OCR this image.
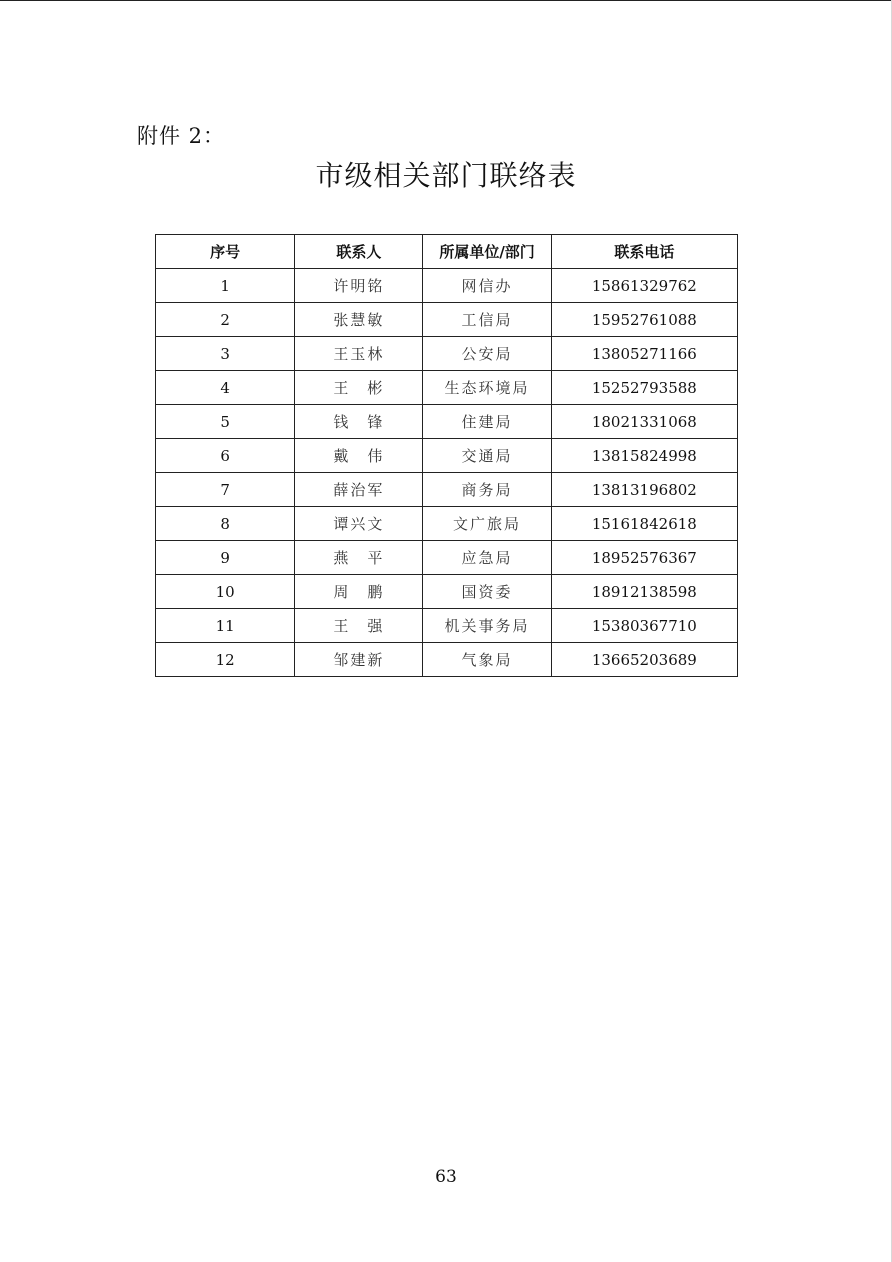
附件 2：
市级相关部门联络表
序号	联系人	所属单位/部门	联系电话
1	许明铭	网信办	15861329762
2	张慧敏	工信局	15952761088
3	王玉林	公安局	13805271166
4	王　彬	生态环境局	15252793588
5	钱　锋	住建局	18021331068
6	戴　伟	交通局	13815824998
7	薛治军	商务局	13813196802
8	谭兴文	文广旅局	15161842618
9	燕　平	应急局	18952576367
10	周　鹏	国资委	18912138598
11	王　强	机关事务局	15380367710
12	邹建新	气象局	13665203689
63
